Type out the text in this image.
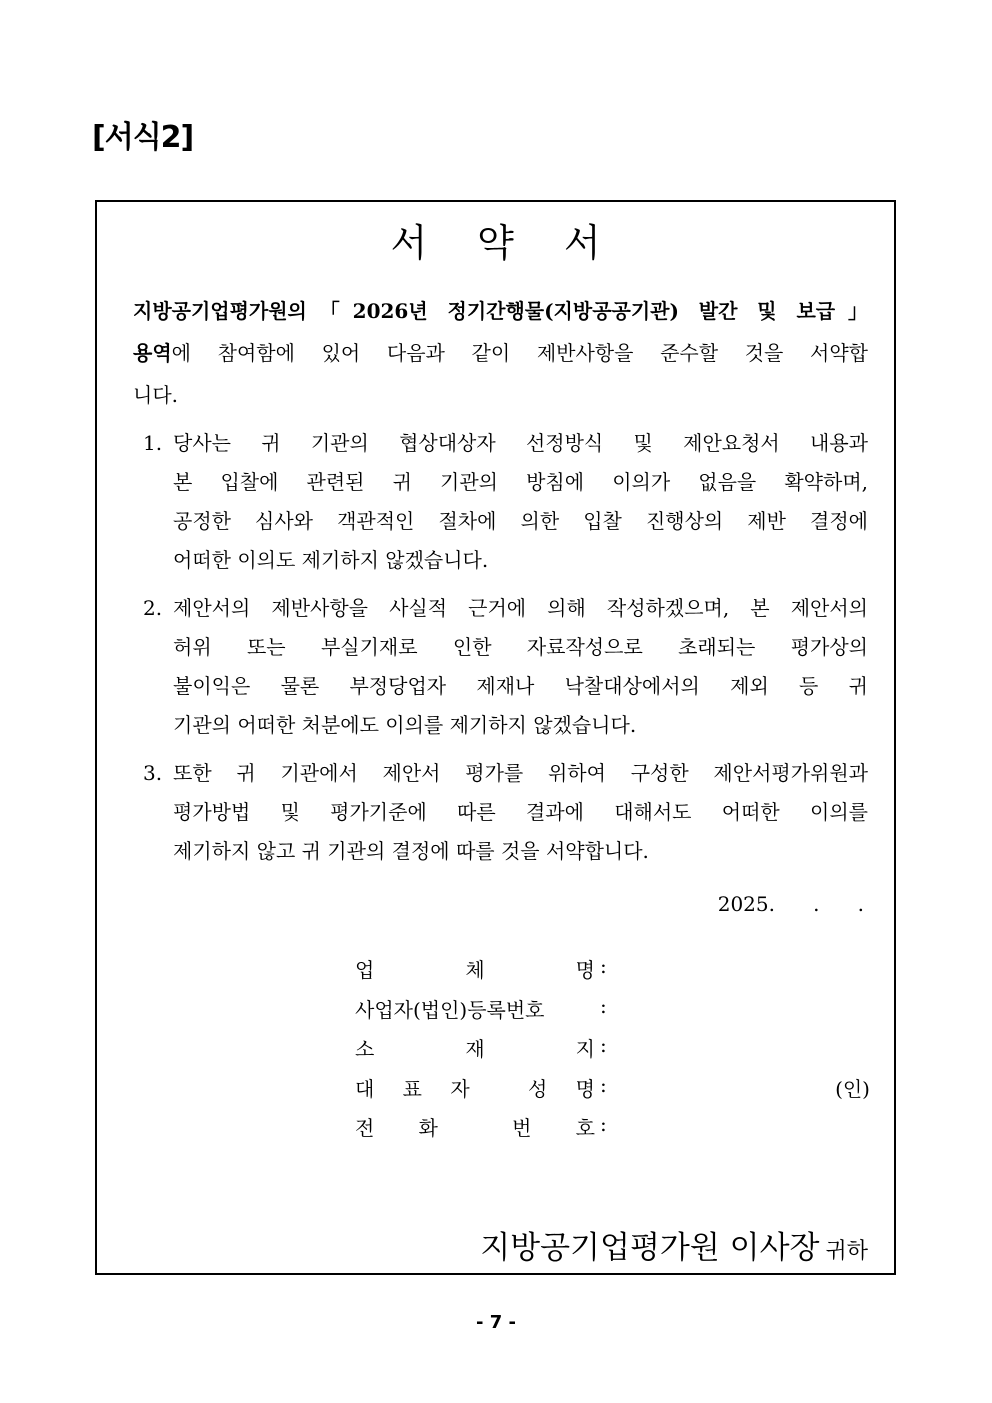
[서식2]
서약서
지방공기업평가원의「2026년 정기간행물(지방공공기관) 발간 및 보급」
용역에 참여함에 있어 다음과 같이 제반사항을 준수할 것을 서약합
니다.
1. 당사는 귀 기관의 협상대상자 선정방식 및 제안요청서 내용과
본 입찰에 관련된 귀 기관의 방침에 이의가 없음을 확약하며,
공정한 심사와 객관적인 절차에 의한 입찰 진행상의 제반 결정에
어떠한 이의도 제기하지 않겠습니다.
2. 제안서의 제반사항을 사실적 근거에 의해 작성하겠으며, 본 제안서의
허위 또는 부실기재로 인한 자료작성으로 초래되는 평가상의
불이익은 물론 부정당업자 제재나 낙찰대상에서의 제외 등 귀
기관의 어떠한 처분에도 이의를 제기하지 않겠습니다.
3. 또한 귀 기관에서 제안서 평가를 위하여 구성한 제안서평가위원과
평가방법 및 평가기준에 따른 결과에 대해서도 어떠한 이의를
제기하지 않고 귀 기관의 결정에 따를 것을 서약합니다.
2025.      .      .
업	체	명 :
사업자(법인)등록번호	:
소	재	지 :
대 표 자	성 명 :	(인)
전 화	번 호 :
지방공기업평가원 이사장 귀하
- 7 -
